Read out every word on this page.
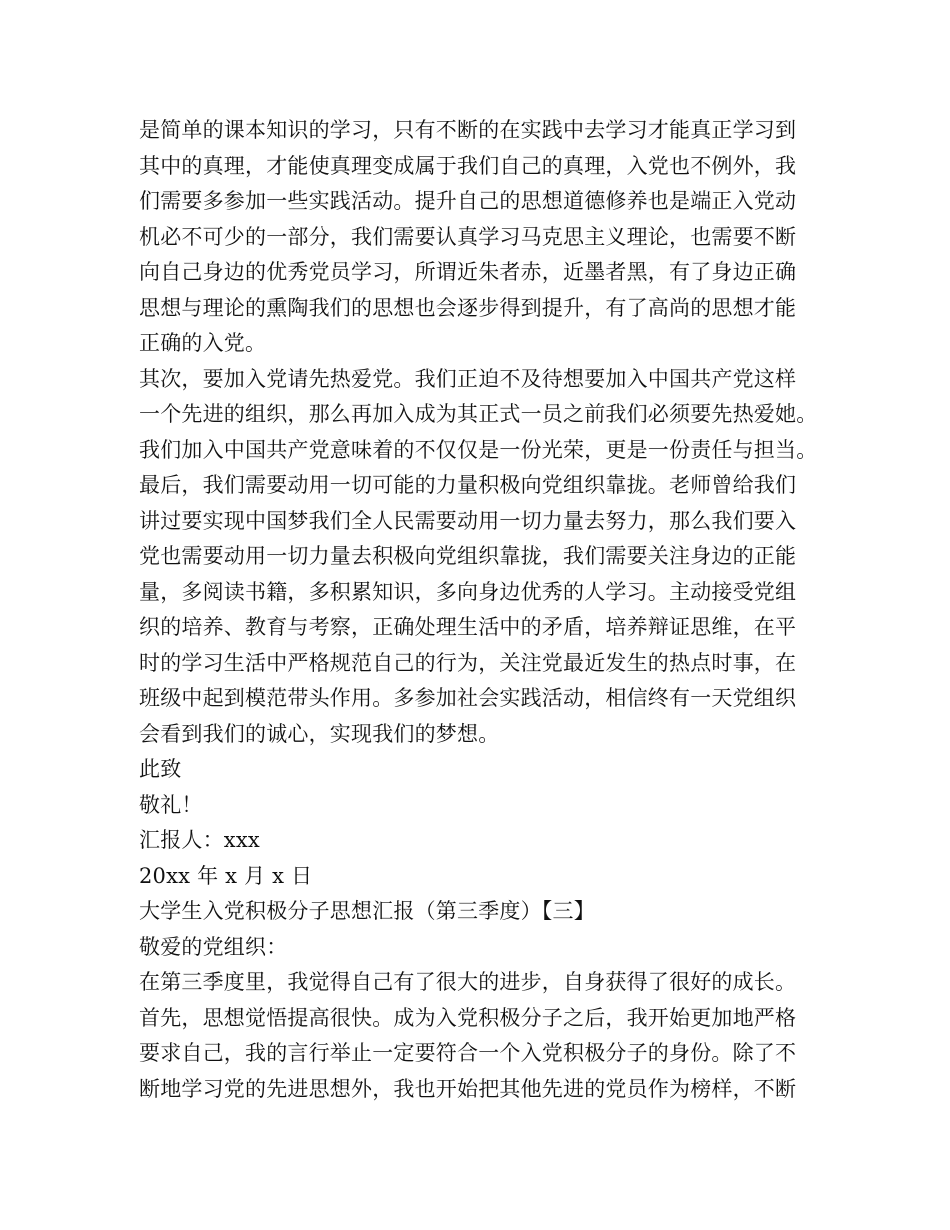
是简单的课本知识的学习，只有不断的在实践中去学习才能真正学习到
其中的真理，才能使真理变成属于我们自己的真理，入党也不例外，我
们需要多参加一些实践活动。提升自己的思想道德修养也是端正入党动
机必不可少的一部分，我们需要认真学习马克思主义理论，也需要不断
向自己身边的优秀党员学习，所谓近朱者赤，近墨者黑，有了身边正确
思想与理论的熏陶我们的思想也会逐步得到提升，有了高尚的思想才能
正确的入党。
其次，要加入党请先热爱党。我们正迫不及待想要加入中国共产党这样
一个先进的组织，那么再加入成为其正式一员之前我们必须要先热爱她。
我们加入中国共产党意味着的不仅仅是一份光荣，更是一份责任与担当。
最后，我们需要动用一切可能的力量积极向党组织靠拢。老师曾给我们
讲过要实现中国梦我们全人民需要动用一切力量去努力，那么我们要入
党也需要动用一切力量去积极向党组织靠拢，我们需要关注身边的正能
量，多阅读书籍，多积累知识，多向身边优秀的人学习。主动接受党组
织的培养、教育与考察，正确处理生活中的矛盾，培养辩证思维，在平
时的学习生活中严格规范自己的行为，关注党最近发生的热点时事，在
班级中起到模范带头作用。多参加社会实践活动，相信终有一天党组织
会看到我们的诚心，实现我们的梦想。
此致
敬礼！
汇报人：xxx
20xx 年 x 月 x 日
大学生入党积极分子思想汇报（第三季度）【三】
敬爱的党组织：
在第三季度里，我觉得自己有了很大的进步，自身获得了很好的成长。
首先，思想觉悟提高很快。成为入党积极分子之后，我开始更加地严格
要求自己，我的言行举止一定要符合一个入党积极分子的身份。除了不
断地学习党的先进思想外，我也开始把其他先进的党员作为榜样，不断
